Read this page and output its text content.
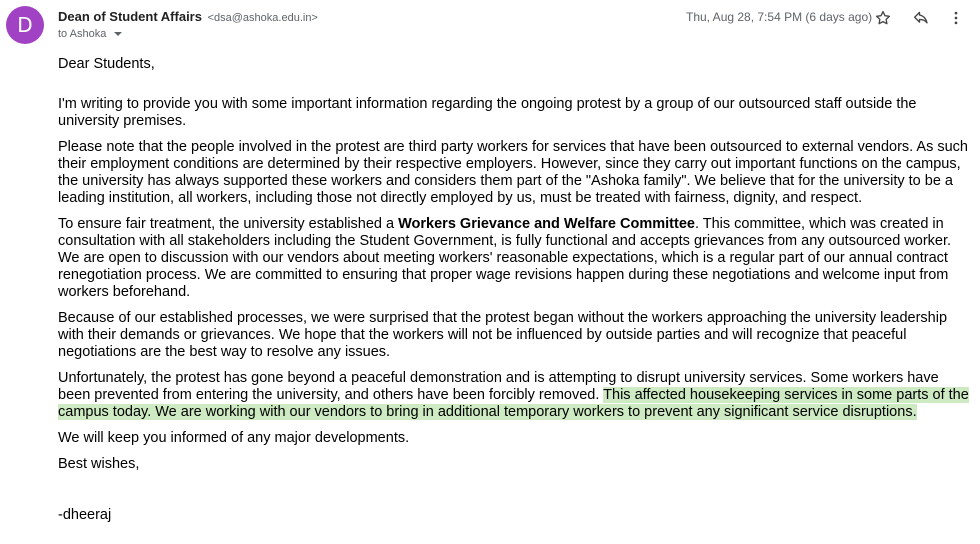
D	Dean of Student Affairs <dsa@ashoka.edu.in>
to Ashoka
Thu, Aug 28, 7:54 PM (6 days ago)

Dear Students,

I'm writing to provide you with some important information regarding the ongoing protest by a group of our outsourced staff outside the university premises.

Please note that the people involved in the protest are third party workers for services that have been outsourced to external vendors. As such their employment conditions are determined by their respective employers. However, since they carry out important functions on the campus, the university has always supported these workers and considers them part of the "Ashoka family". We believe that for the university to be a leading institution, all workers, including those not directly employed by us, must be treated with fairness, dignity, and respect.

To ensure fair treatment, the university established a Workers Grievance and Welfare Committee. This committee, which was created in consultation with all stakeholders including the Student Government, is fully functional and accepts grievances from any outsourced worker. We are open to discussion with our vendors about meeting workers' reasonable expectations, which is a regular part of our annual contract renegotiation process. We are committed to ensuring that proper wage revisions happen during these negotiations and welcome input from workers beforehand.

Because of our established processes, we were surprised that the protest began without the workers approaching the university leadership with their demands or grievances. We hope that the workers will not be influenced by outside parties and will recognize that peaceful negotiations are the best way to resolve any issues.

Unfortunately, the protest has gone beyond a peaceful demonstration and is attempting to disrupt university services. Some workers have been prevented from entering the university, and others have been forcibly removed. This affected housekeeping services in some parts of the campus today. We are working with our vendors to bring in additional temporary workers to prevent any significant service disruptions.

We will keep you informed of any major developments.

Best wishes,

-dheeraj
